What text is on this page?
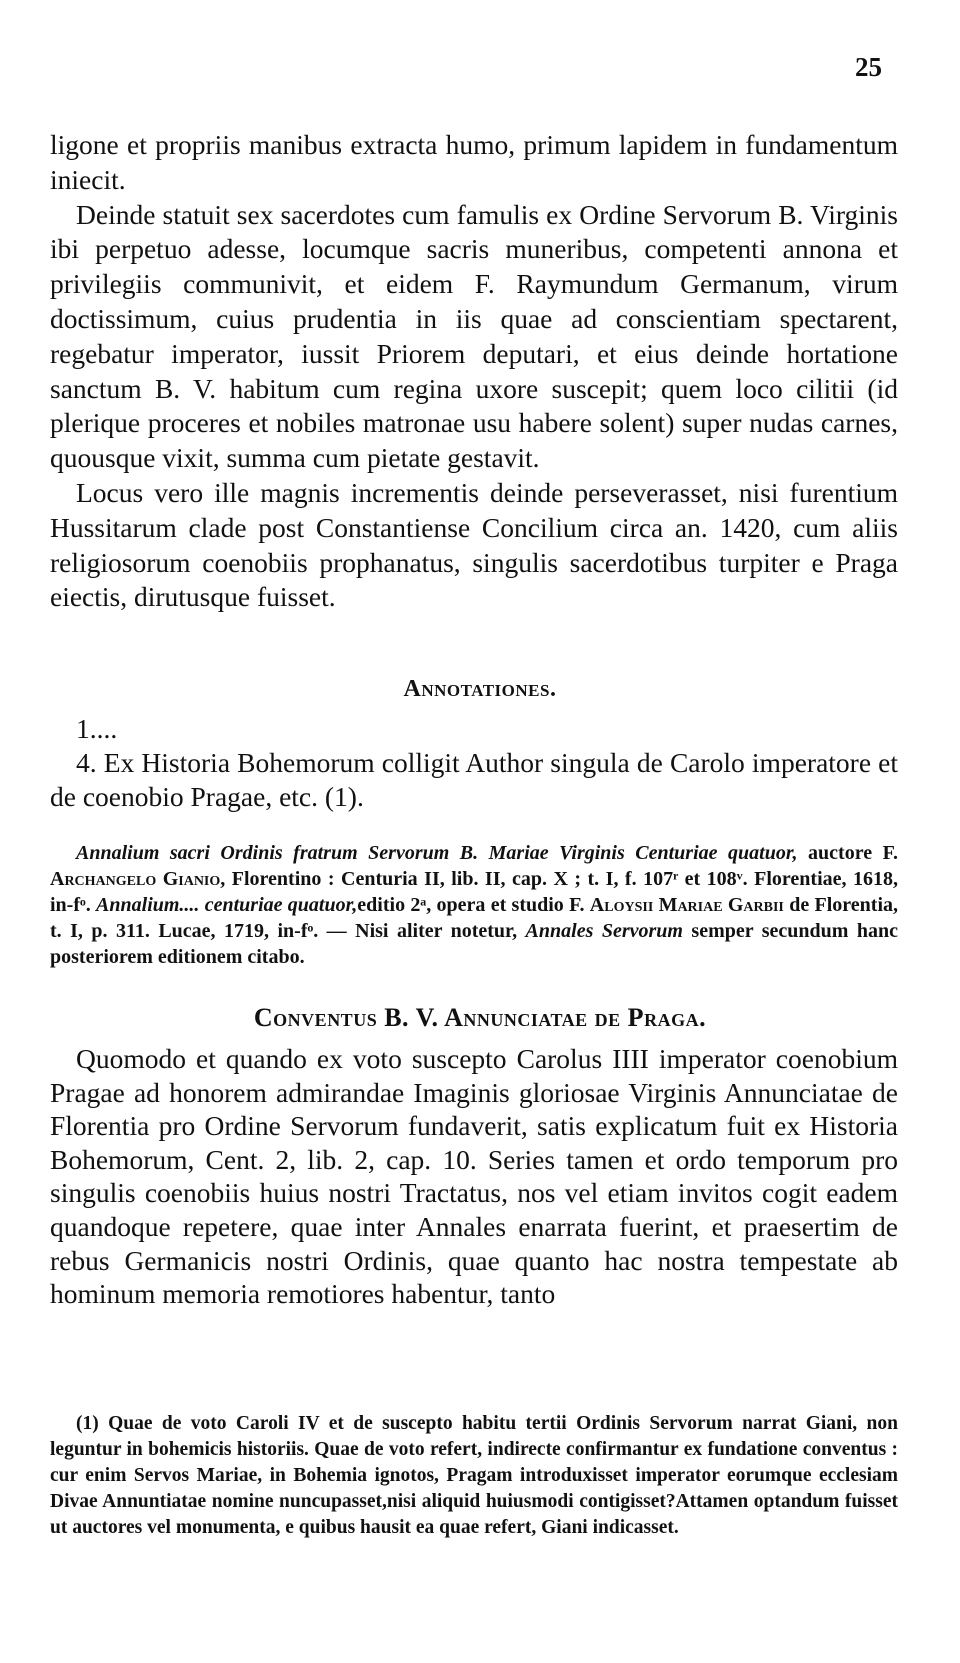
25

ligone et propriis manibus extracta humo, primum lapidem in fundamentum iniecit.

Deinde statuit sex sacerdotes cum famulis ex Ordine Servorum B. Virginis ibi perpetuo adesse, locumque sacris muneribus, competenti annona et privilegiis communivit, et eidem F. Raymundum Germanum, virum doctissimum, cuius prudentia in iis quae ad conscientiam spectarent, regebatur imperator, iussit Priorem deputari, et eius deinde hortatione sanctum B. V. habitum cum regina uxore suscepit; quem loco cilitii (id plerique proceres et nobiles matronae usu habere solent) super nudas carnes, quousque vixit, summa cum pietate gestavit.

Locus vero ille magnis incrementis deinde perseverasset, nisi furentium Hussitarum clade post Constantiense Concilium circa an. 1420, cum aliis religiosorum coenobiis prophanatus, singulis sacerdotibus turpiter e Praga eiectis, dirutusque fuisset.

Annotationes.

1....

4. Ex Historia Bohemorum colligit Author singula de Carolo imperatore et de coenobio Pragae, etc. (1).

Annalium sacri Ordinis fratrum Servorum B. Mariae Virginis Centuriae quatuor, auctore F. Archangelo Gianio, Florentino : Centuria II, lib. II, cap. X ; t. I, f. 107ʳ et 108ᵛ. Florentiae, 1618, in-fᵒ. Annalium.... centuriae quatuor,editio 2ᵃ, opera et studio F. Aloysii Mariae Garbii de Florentia, t. I, p. 311. Lucae, 1719, in-fᵒ. — Nisi aliter notetur, Annales Servorum semper secundum hanc posteriorem editionem citabo.

Conventus B. V. Annunciatae de Praga.

Quomodo et quando ex voto suscepto Carolus IIII imperator coenobium Pragae ad honorem admirandae Imaginis gloriosae Virginis Annunciatae de Florentia pro Ordine Servorum fundaverit, satis explicatum fuit ex Historia Bohemorum, Cent. 2, lib. 2, cap. 10. Series tamen et ordo temporum pro singulis coenobiis huius nostri Tractatus, nos vel etiam invitos cogit eadem quandoque repetere, quae inter Annales enarrata fuerint, et praesertim de rebus Germanicis nostri Ordinis, quae quanto hac nostra tempestate ab hominum memoria remotiores habentur, tanto

(1) Quae de voto Caroli IV et de suscepto habitu tertii Ordinis Servorum narrat Giani, non leguntur in bohemicis historiis. Quae de voto refert, indirecte confirmantur ex fundatione conventus : cur enim Servos Mariae, in Bohemia ignotos, Pragam introduxisset imperator eorumque ecclesiam Divae Annuntiatae nomine nuncupasset,nisi aliquid huiusmodi contigisset?Attamen optandum fuisset ut auctores vel monumenta, e quibus hausit ea quae refert, Giani indicasset.
